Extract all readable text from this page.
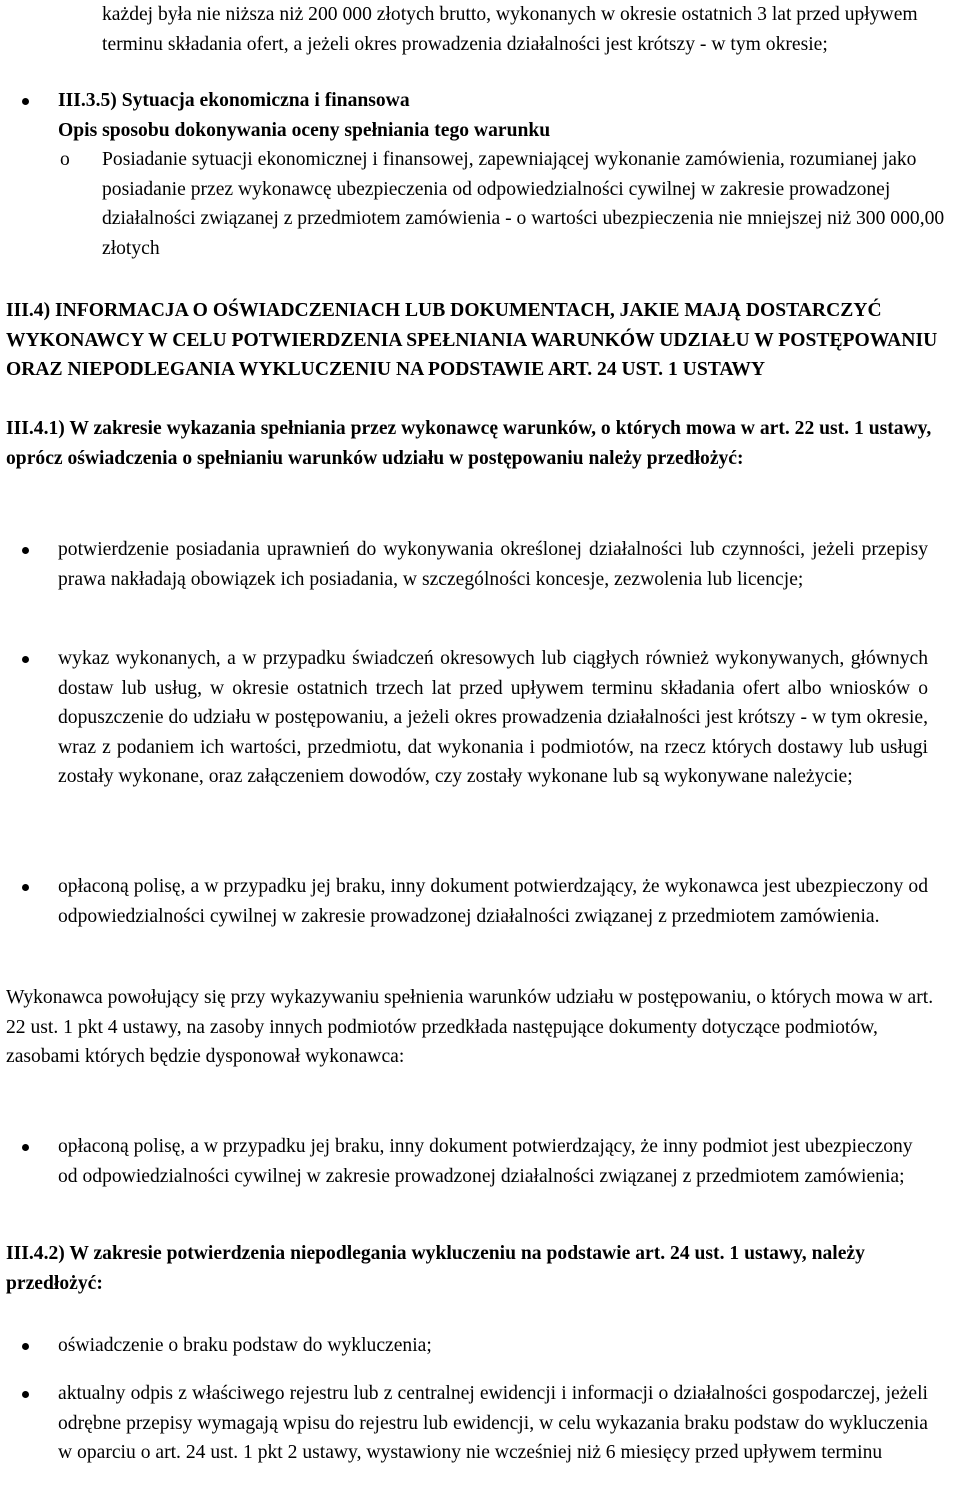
każdej była nie niższa niż 200 000 złotych brutto, wykonanych w okresie ostatnich 3 lat przed upływem terminu składania ofert, a jeżeli okres prowadzenia działalności jest krótszy - w tym okresie;

III.3.5) Sytuacja ekonomiczna i finansowa

Opis sposobu dokonywania oceny spełniania tego warunku

o Posiadanie sytuacji ekonomicznej i finansowej, zapewniającej wykonanie zamówienia, rozumianej jako posiadanie przez wykonawcę ubezpieczenia od odpowiedzialności cywilnej w zakresie prowadzonej działalności związanej z przedmiotem zamówienia - o wartości ubezpieczenia nie mniejszej niż 300 000,00 złotych

III.4) INFORMACJA O OŚWIADCZENIACH LUB DOKUMENTACH, JAKIE MAJĄ DOSTARCZYĆ WYKONAWCY W CELU POTWIERDZENIA SPEŁNIANIA WARUNKÓW UDZIAŁU W POSTĘPOWANIU ORAZ NIEPODLEGANIA WYKLUCZENIU NA PODSTAWIE ART. 24 UST. 1 USTAWY

III.4.1) W zakresie wykazania spełniania przez wykonawcę warunków, o których mowa w art. 22 ust. 1 ustawy, oprócz oświadczenia o spełnianiu warunków udziału w postępowaniu należy przedłożyć:

potwierdzenie posiadania uprawnień do wykonywania określonej działalności lub czynności, jeżeli przepisy prawa nakładają obowiązek ich posiadania, w szczególności koncesje, zezwolenia lub licencje;

wykaz wykonanych, a w przypadku świadczeń okresowych lub ciągłych również wykonywanych, głównych dostaw lub usług, w okresie ostatnich trzech lat przed upływem terminu składania ofert albo wniosków o dopuszczenie do udziału w postępowaniu, a jeżeli okres prowadzenia działalności jest krótszy - w tym okresie, wraz z podaniem ich wartości, przedmiotu, dat wykonania i podmiotów, na rzecz których dostawy lub usługi zostały wykonane, oraz załączeniem dowodów, czy zostały wykonane lub są wykonywane należycie;

opłaconą polisę, a w przypadku jej braku, inny dokument potwierdzający, że wykonawca jest ubezpieczony od odpowiedzialności cywilnej w zakresie prowadzonej działalności związanej z przedmiotem zamówienia.

Wykonawca powołujący się przy wykazywaniu spełnienia warunków udziału w postępowaniu, o których mowa w art. 22 ust. 1 pkt 4 ustawy, na zasoby innych podmiotów przedkłada następujące dokumenty dotyczące podmiotów, zasobami których będzie dysponował wykonawca:

opłaconą polisę, a w przypadku jej braku, inny dokument potwierdzający, że inny podmiot jest ubezpieczony od odpowiedzialności cywilnej w zakresie prowadzonej działalności związanej z przedmiotem zamówienia;

III.4.2) W zakresie potwierdzenia niepodlegania wykluczeniu na podstawie art. 24 ust. 1 ustawy, należy przedłożyć:

oświadczenie o braku podstaw do wykluczenia;

aktualny odpis z właściwego rejestru lub z centralnej ewidencji i informacji o działalności gospodarczej, jeżeli odrębne przepisy wymagają wpisu do rejestru lub ewidencji, w celu wykazania braku podstaw do wykluczenia w oparciu o art. 24 ust. 1 pkt 2 ustawy, wystawiony nie wcześniej niż 6 miesięcy przed upływem terminu
